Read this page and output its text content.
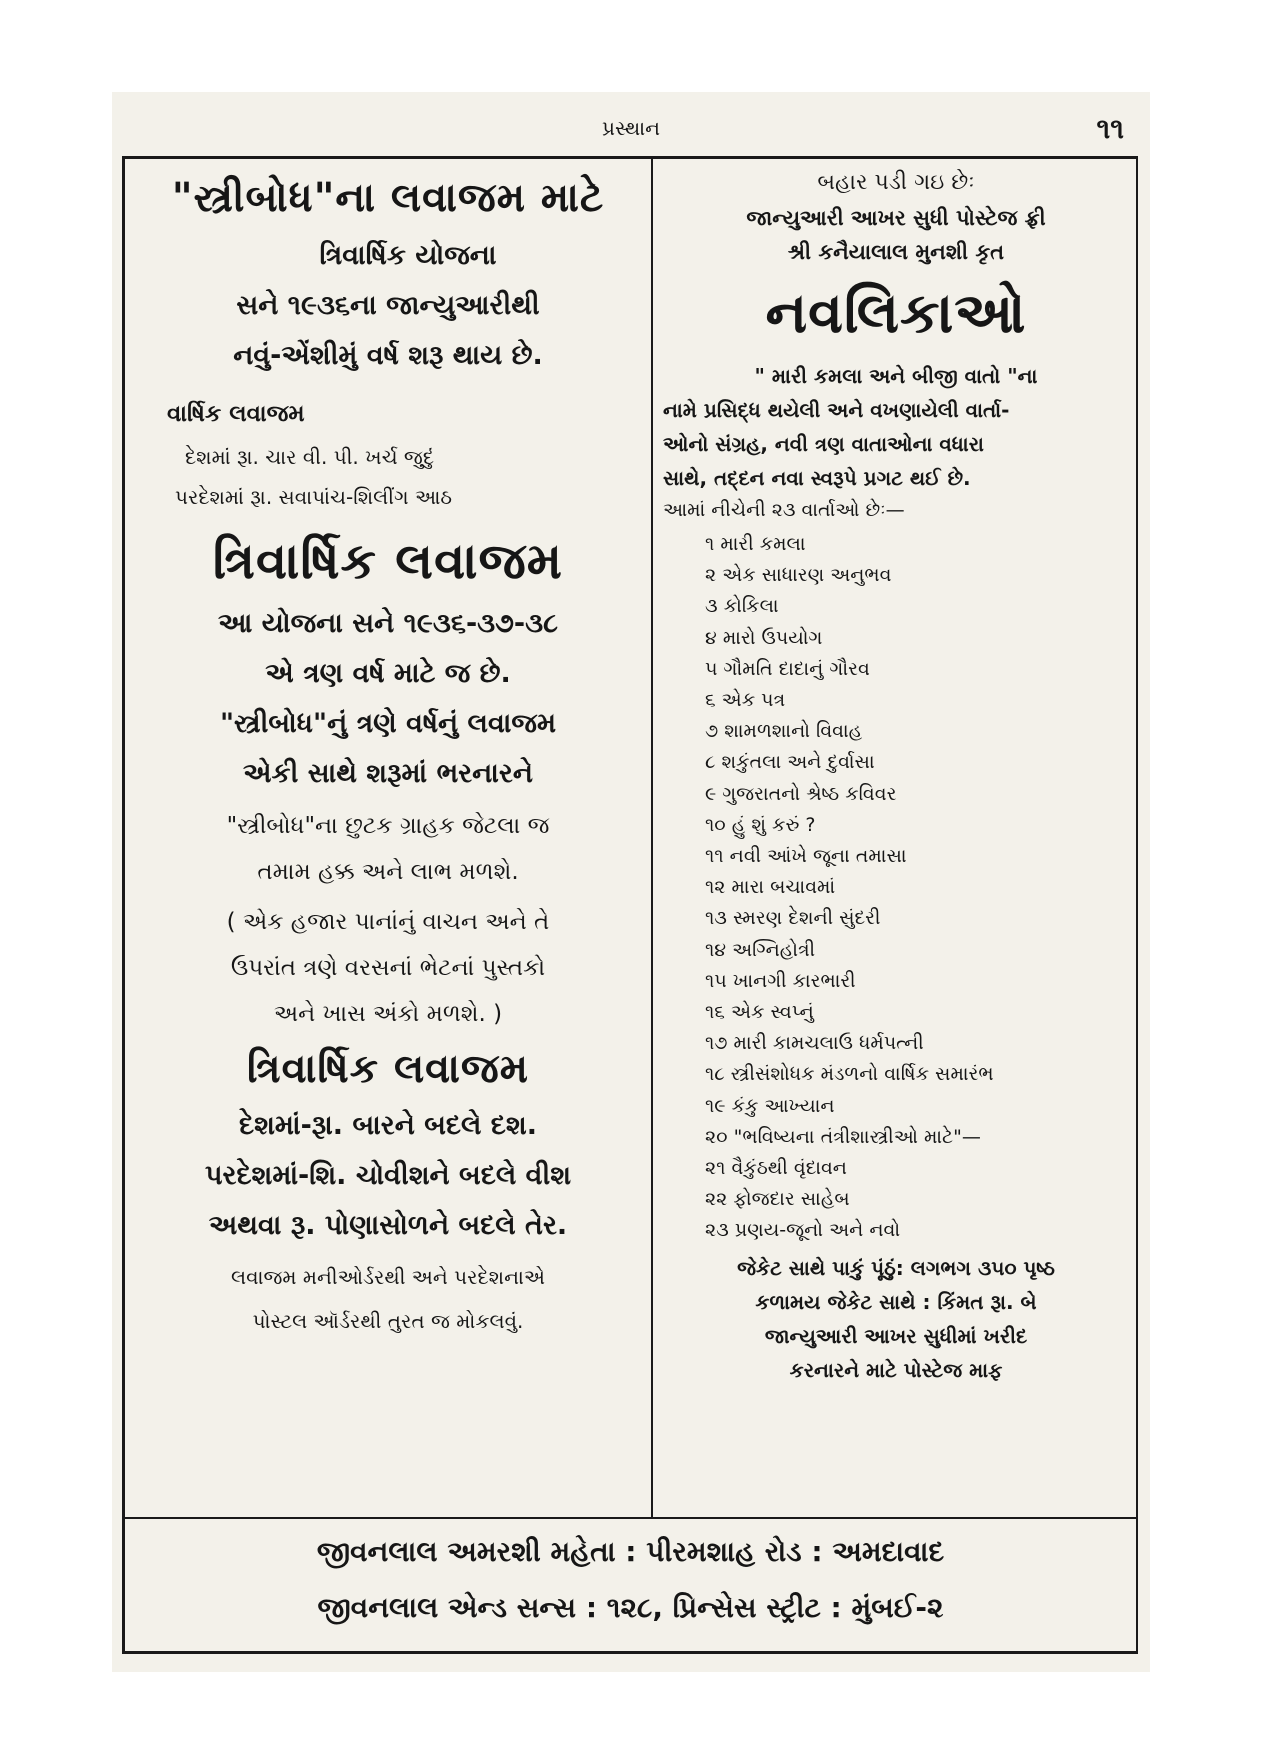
પ્રસ્થાન	૧૧
"સ્ત્રીબોધ"ના લવાજમ માટે
ત્રિવાર્ષિક યોજના
સને ૧૯૩૬ના જાન્યુઆરીથી
નવું-એંશીમું વર્ષ શરૂ થાય છે.
વાર્ષિક લવાજમ
દેશમાં રૂા. ચાર વી. પી. ખર્ચ જુદું
પરદેશમાં રૂા. સવાપાંચ-શિલીંગ આઠ
ત્રિવાર્ષિક લવાજમ
આ યોજના સને ૧૯૩૬-૩૭-૩૮
એ ત્રણ વર્ષ માટે જ છે.
"સ્ત્રીબોધ"નું ત્રણે વર્ષનું લવાજમ
એકી સાથે શરૂમાં ભરનારને
"સ્ત્રીબોધ"ના છુટક ગ્રાહક જેટલા જ
તમામ હક્ક અને લાભ મળશે.
( એક હજાર પાનાંનું વાચન અને તે
ઉપરાંત ત્રણે વરસનાં ભેટનાં પુસ્તકો
અને ખાસ અંકો મળશે. )
ત્રિવાર્ષિક લવાજમ
દેશમાં-રૂા. બારને બદલે દશ.
પરદેશમાં-શિ. ચોવીશને બદલે વીશ
અથવા રૂ. પોણાસોળને બદલે તેર.
લવાજમ મનીઓર્ડરથી અને પરદેશનાએ
પોસ્ટલ ઑર્ડરથી તુરત જ મોકલવું.
બહાર પડી ગઇ છેઃ
જાન્યુઆરી આખર સુધી પોસ્ટેજ ફ્રી
શ્રી કનૈયાલાલ મુનશી કૃત
નવલિકાઓ
" મારી કમલા અને બીજી વાતો "ના
નામે પ્રસિદ્ધ થયેલી અને વખણાયેલી વાર્તા-
ઓનો સંગ્રહ, નવી ત્રણ વાતાઓના વધારા
સાથે, તદ્દન નવા સ્વરૂપે પ્રગટ થઈ છે.
આમાં નીચેની ૨૩ વાર્તાઓ છેઃ—
૧ મારી કમલા
૨ એક સાધારણ અનુભવ
૩ કોકિલા
૪ મારો ઉપયોગ
૫ ગૌમતિ દાદાનું ગૌરવ
૬ એક પત્ર
૭ શામળશાનો વિવાહ
૮ શકુંતલા અને દુર્વાસા
૯ ગુજરાતનો શ્રેષ્ઠ કવિવર
૧૦ હું શું કરું ?
૧૧ નવી આંખે જૂના તમાસા
૧૨ મારા બચાવમાં
૧૩ સ્મરણ દેશની સુંદરી
૧૪ અગ્નિહોત્રી
૧૫ ખાનગી કારભારી
૧૬ એક સ્વપ્નું
૧૭ મારી કામચલાઉ ધર્મપત્ની
૧૮ સ્ત્રીસંશોધક મંડળનો વાર્ષિક સમારંભ
૧૯ કંકુ આખ્યાન
૨૦ "ભવિષ્યના તંત્રીશાસ્ત્રીઓ માટે"—
૨૧ વૈકુંઠથી વૃંદાવન
૨૨ ફોજદાર સાહેબ
૨૩ પ્રણય-જૂનો અને નવો
જેકેટ સાથે પાકું પૂંઠું: લગભગ ૩૫૦ પૃષ્ઠ
કળામય જેકેટ સાથે : કિંમત રૂા. બે
જાન્યુઆરી આખર સુધીમાં ખરીદ
કરનારને માટે પોસ્ટેજ માફ
જીવનલાલ અમરશી મહેતા : પીરમશાહ રોડ : અમદાવાદ
જીવનલાલ એન્ડ સન્સ : ૧૨૮, પ્રિન્સેસ સ્ટ્રીટ : મુંબઈ-૨
